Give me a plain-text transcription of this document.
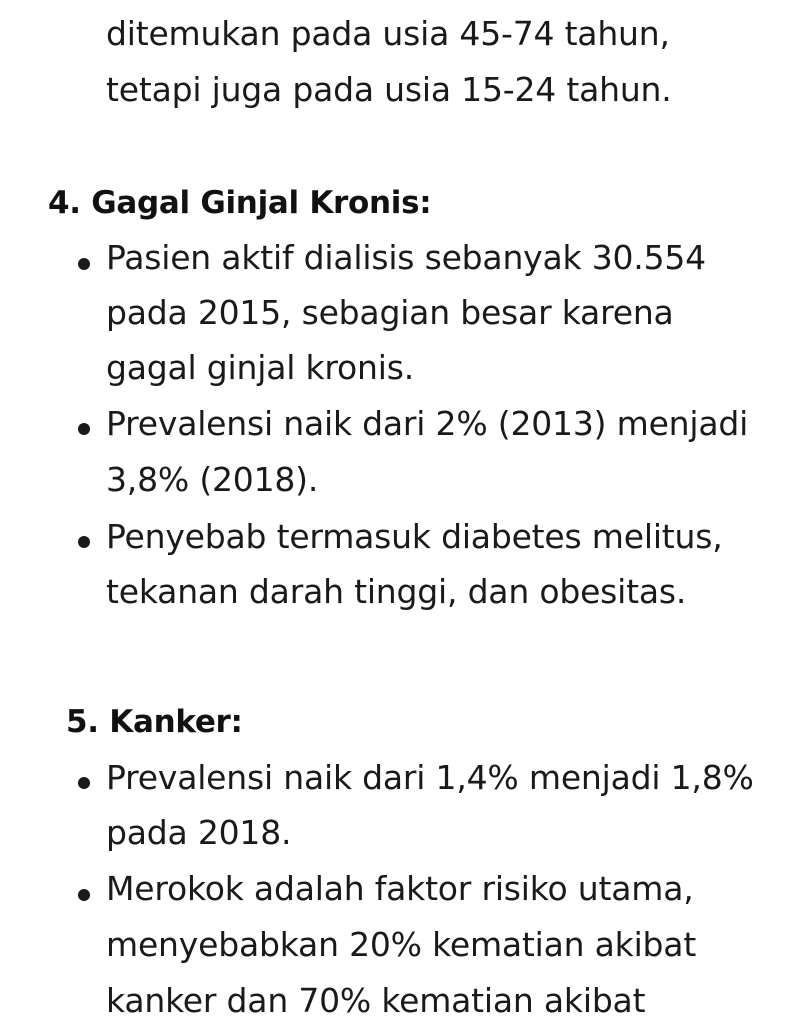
ditemukan pada usia 45-74 tahun,
tetapi juga pada usia 15-24 tahun.
4. Gagal Ginjal Kronis:
Pasien aktif dialisis sebanyak 30.554
pada 2015, sebagian besar karena
gagal ginjal kronis.
Prevalensi naik dari 2% (2013) menjadi
3,8% (2018).
Penyebab termasuk diabetes melitus,
tekanan darah tinggi, dan obesitas.
5. Kanker:
Prevalensi naik dari 1,4% menjadi 1,8%
pada 2018.
Merokok adalah faktor risiko utama,
menyebabkan 20% kematian akibat
kanker dan 70% kematian akibat
